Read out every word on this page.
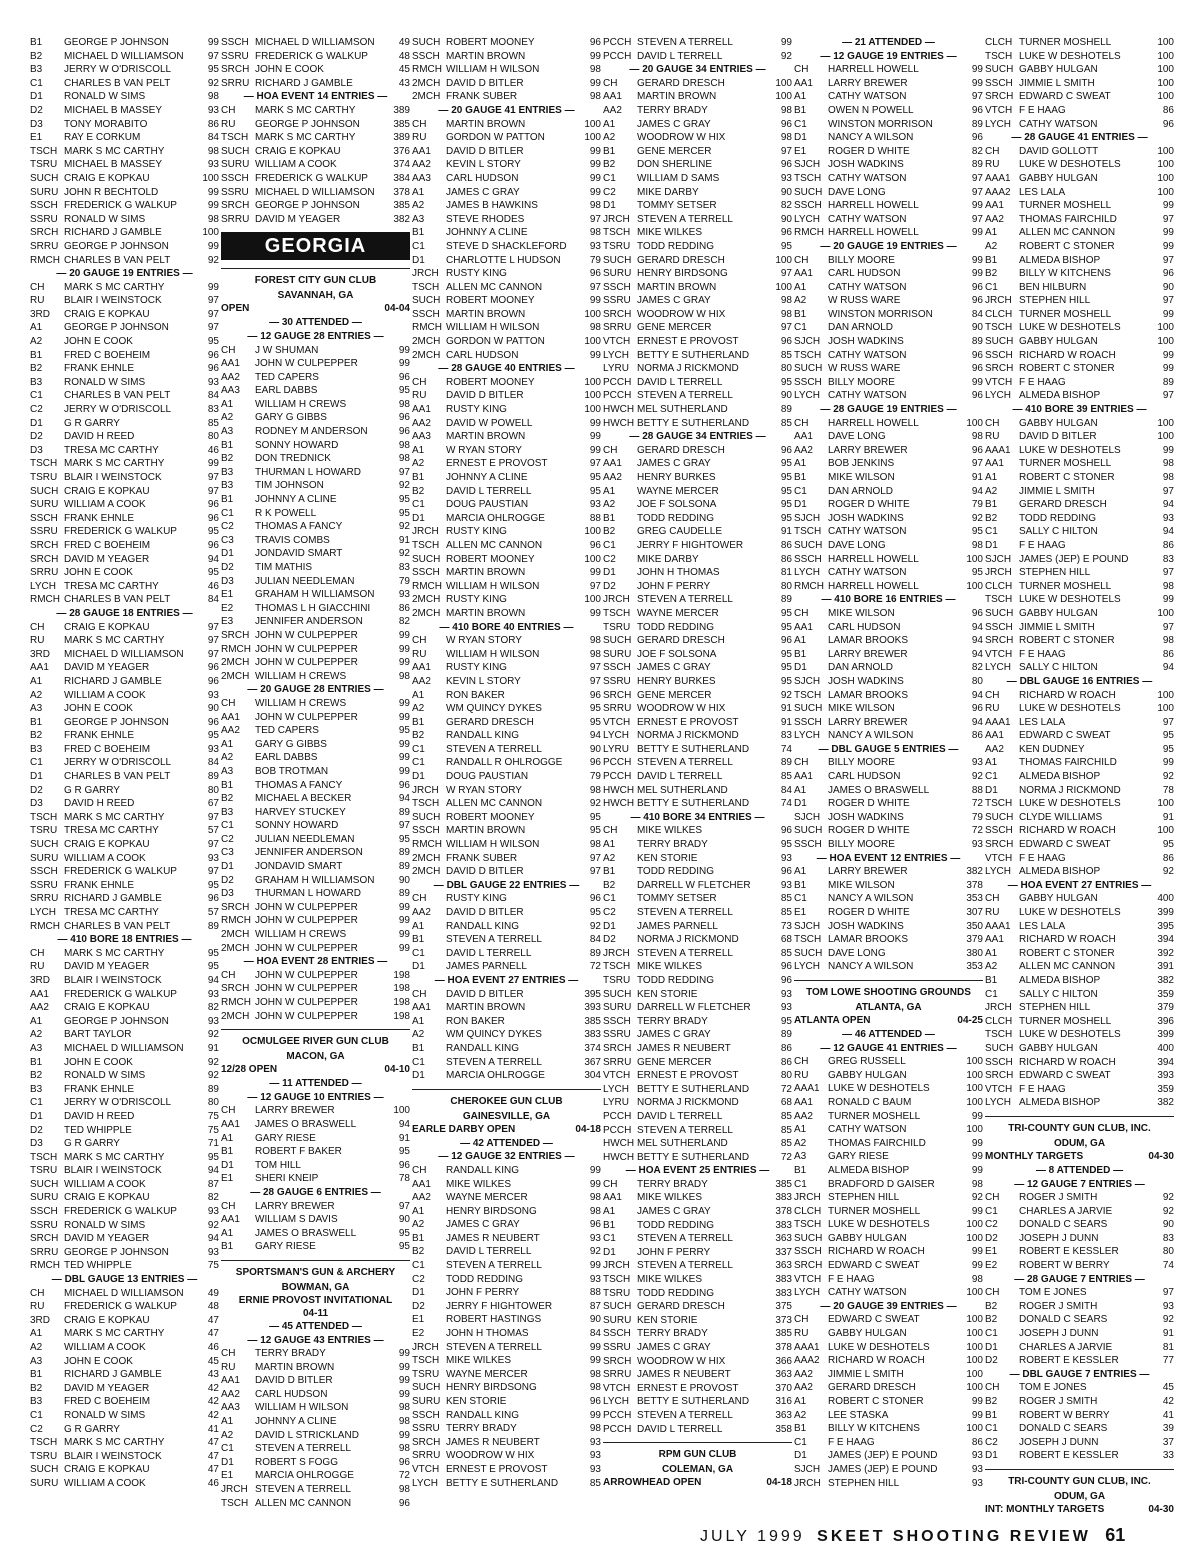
B1	GEORGE P JOHNSON	99
B2	MICHAEL D WILLIAMSON	97
B3	JERRY W O'DRISCOLL	95
C1	CHARLES B VAN PELT	92
D1	RONALD W SIMS	98
D2	MICHAEL B MASSEY	93
D3	TONY MORABITO	86
E1	RAY E CORKUM	84
TSCH MARK S MC CARTHY	98
TSRU MICHAEL B MASSEY	93
SUCH CRAIG E KOPKAU	100
SURU JOHN R BECHTOLD	99
SSCH FREDERICK G WALKUP	99
SSRU RONALD W SIMS	98
SRCH RICHARD J GAMBLE	100
SRRU GEORGE P JOHNSON	99
RMCH CHARLES B VAN PELT	92
— 20 GAUGE 19 ENTRIES —
CH	MARK S MC CARTHY	99
RU	BLAIR I WEINSTOCK	97
3RD	CRAIG E KOPKAU	97
A1	GEORGE P JOHNSON	97
A2	JOHN E COOK	95
B1	FRED C BOEHEIM	96
B2	FRANK EHNLE	96
B3	RONALD W SIMS	93
C1	CHARLES B VAN PELT	84
C2	JERRY W O'DRISCOLL	83
D1	G R GARRY	85
D2	DAVID H REED	80
D3	TRESA MC CARTHY	46
TSCH MARK S MC CARTHY	99
TSRU BLAIR I WEINSTOCK	97
SUCH CRAIG E KOPKAU	97
SURU WILLIAM A COOK	96
SSCH FRANK EHNLE	96
SSRU FREDERICK G WALKUP	95
SRCH FRED C BOEHEIM	96
SRCH DAVID M YEAGER	94
SRRU JOHN E COOK	95
LYCH TRESA MC CARTHY	46
RMCH CHARLES B VAN PELT	84
— 28 GAUGE 18 ENTRIES —
CH	CRAIG E KOPKAU	97
RU	MARK S MC CARTHY	97
3RD	MICHAEL D WILLIAMSON	97
AA1	DAVID M YEAGER	96
A1	RICHARD J GAMBLE	96
A2	WILLIAM A COOK	93
A3	JOHN E COOK	90
B1	GEORGE P JOHNSON	96
B2	FRANK EHNLE	95
B3	FRED C BOEHEIM	93
C1	JERRY W O'DRISCOLL	84
D1	CHARLES B VAN PELT	89
D2	G R GARRY	80
D3	DAVID H REED	67
TSCH MARK S MC CARTHY	97
TSRU TRESA MC CARTHY	57
SUCH CRAIG E KOPKAU	97
SURU WILLIAM A COOK	93
SSCH FREDERICK G WALKUP	97
SSRU FRANK EHNLE	95
SRRU RICHARD J GAMBLE	96
LYCH TRESA MC CARTHY	57
RMCH CHARLES B VAN PELT	89
— 410 BORE 18 ENTRIES —
CH	MARK S MC CARTHY	95
RU	DAVID M YEAGER	95
3RD	BLAIR I WEINSTOCK	94
AA1	FREDERICK G WALKUP	93
AA2	CRAIG E KOPKAU	82
A1	GEORGE P JOHNSON	93
A2	BART TAYLOR	92
A3	MICHAEL D WILLIAMSON	91
B1	JOHN E COOK	92
B2	RONALD W SIMS	92
B3	FRANK EHNLE	89
C1	JERRY W O'DRISCOLL	80
D1	DAVID H REED	75
D2	TED WHIPPLE	75
D3	G R GARRY	71
TSCH MARK S MC CARTHY	95
TSRU BLAIR I WEINSTOCK	94
SUCH WILLIAM A COOK	87
SURU CRAIG E KOPKAU	82
SSCH FREDERICK G WALKUP	93
SSRU RONALD W SIMS	92
SRCH DAVID M YEAGER	94
SRRU GEORGE P JOHNSON	93
RMCH TED WHIPPLE	75
— DBL GAUGE 13 ENTRIES —
CH	MICHAEL D WILLIAMSON	49
RU	FREDERICK G WALKUP	48
3RD	CRAIG E KOPKAU	47
A1	MARK S MC CARTHY	47
A2	WILLIAM A COOK	46
A3	JOHN E COOK	45
B1	RICHARD J GAMBLE	43
B2	DAVID M YEAGER	42
B3	FRED C BOEHEIM	42
C1	RONALD W SIMS	42
C2	G R GARRY	41
TSCH MARK S MC CARTHY	47
TSRU BLAIR I WEINSTOCK	47
SUCH CRAIG E KOPKAU	47
SURU WILLIAM A COOK	46
SSCH MICHAEL D WILLIAMSON	49
SSRU FREDERICK G WALKUP	48
SRCH JOHN E COOK	45
SRRU RICHARD J GAMBLE	43
— HOA EVENT 14 ENTRIES —
CH	MARK S MC CARTHY	389
RU	GEORGE P JOHNSON	385
TSCH MARK S MC CARTHY	389
SUCH CRAIG E KOPKAU	376
SURU WILLIAM A COOK	374
SSCH FREDERICK G WALKUP	384
SSRU MICHAEL D WILLIAMSON	378
SRCH GEORGE P JOHNSON	385
SRRU DAVID M YEAGER	382
GEORGIA
FOREST CITY GUN CLUB
SAVANNAH, GA
OPEN	04-04
— 30 ATTENDED —
— 12 GAUGE 28 ENTRIES —
CH	J W SHUMAN	99
AA1	JOHN W CULPEPPER	99
AA2	TED CAPERS	96
AA3	EARL DABBS	95
A1	WILLIAM H CREWS	98
A2	GARY G GIBBS	96
A3	RODNEY M ANDERSON	96
B1	SONNY HOWARD	98
B2	DON TREDNICK	98
B3	THURMAN L HOWARD	97
B3	TIM JOHNSON	92
B1	JOHNNY A CLINE	95
C1	R K POWELL	95
C2	THOMAS A FANCY	92
C3	TRAVIS COMBS	91
D1	JONDAVID SMART	92
D2	TIM MATHIS	83
D3	JULIAN NEEDLEMAN	79
E1	GRAHAM H WILLIAMSON	93
E2	THOMAS L H GIACCHINI	86
E3	JENNIFER ANDERSON	82
SRCH JOHN W CULPEPPER	99
RMCH JOHN W CULPEPPER	99
2MCH JOHN W CULPEPPER	99
2MCH WILLIAM H CREWS	98
— 20 GAUGE 28 ENTRIES —
CH	WILLIAM H CREWS	99
AA1	JOHN W CULPEPPER	99
AA2	TED CAPERS	95
A1	GARY G GIBBS	99
A2	EARL DABBS	99
A3	BOB TROTMAN	99
B1	THOMAS A FANCY	96
B2	MICHAEL A BECKER	94
B3	HARVEY STUCKEY	89
C1	SONNY HOWARD	97
C2	JULIAN NEEDLEMAN	95
C3	JENNIFER ANDERSON	89
D1	JONDAVID SMART	89
D2	GRAHAM H WILLIAMSON	90
D3	THURMAN L HOWARD	89
SRCH JOHN W CULPEPPER	99
RMCH JOHN W CULPEPPER	99
2MCH WILLIAM H CREWS	99
2MCH JOHN W CULPEPPER	99
— HOA EVENT 28 ENTRIES —
CH	JOHN W CULPEPPER	198
SRCH JOHN W CULPEPPER	198
RMCH JOHN W CULPEPPER	198
2MCH JOHN W CULPEPPER	198
OCMULGEE RIVER GUN CLUB
MACON, GA
12/28 OPEN	04-10
— 11 ATTENDED —
— 12 GAUGE 10 ENTRIES —
CH	LARRY BREWER	100
AA1	JAMES O BRASWELL	94
A1	GARY RIESE	91
B1	ROBERT F BAKER	95
D1	TOM HILL	96
E1	SHERI KNEIP	78
— 28 GAUGE 6 ENTRIES —
CH	LARRY BREWER	97
AA1	WILLIAM S DAVIS	90
A1	JAMES O BRASWELL	95
B1	GARY RIESE	95
SPORTSMAN'S GUN & ARCHERY
BOWMAN, GA
ERNIE PROVOST INVITATIONAL
04-11
— 45 ATTENDED —
— 12 GAUGE 43 ENTRIES —
CH	TERRY BRADY	99
RU	MARTIN BROWN	99
AA1	DAVID D BITLER	99
AA2	CARL HUDSON	99
AA3	WILLIAM H WILSON	98
A1	JOHNNY A CLINE	98
A2	DAVID L STRICKLAND	99
C1	STEVEN A TERRELL	98
D1	ROBERT S FOGG	96
E1	MARCIA OHLROGGE	72
JRCH STEVEN A TERRELL	98
TSCH ALLEN MC CANNON	96
SUCH ROBERT MOONEY	96
SSCH MARTIN BROWN	99
RMCH WILLIAM H WILSON	98
2MCH DAVID D BITLER	99
2MCH FRANK SUBER	98
— 20 GAUGE 41 ENTRIES —
CH	MARTIN BROWN	100
RU	GORDON W PATTON	100
AA1	DAVID D BITLER	99
AA2	KEVIN L STORY	99
AA3	CARL HUDSON	99
A1	JAMES C GRAY	99
A2	JAMES B HAWKINS	98
A3	STEVE RHODES	97
B1	JOHNNY A CLINE	98
C1	STEVE D SHACKLEFORD	93
D1	CHARLOTTE L HUDSON	79
JRCH RUSTY KING	96
TSCH ALLEN MC CANNON	97
SUCH ROBERT MOONEY	99
SSCH MARTIN BROWN	100
RMCH WILLIAM H WILSON	98
2MCH GORDON W PATTON	100
2MCH CARL HUDSON	99
— 28 GAUGE 40 ENTRIES —
CH	ROBERT MOONEY	100
RU	DAVID D BITLER	100
AA1	RUSTY KING	100
AA2	DAVID W POWELL	99
AA3	MARTIN BROWN	99
A1	W RYAN STORY	99
A2	ERNEST E PROVOST	97
B1	JOHNNY A CLINE	95
B2	DAVID L TERRELL	95
C1	DOUG PAUSTIAN	93
D1	MARCIA OHLROGGE	88
JRCH RUSTY KING	100
TSCH ALLEN MC CANNON	96
SUCH ROBERT MOONEY	100
SSCH MARTIN BROWN	99
RMCH WILLIAM H WILSON	97
2MCH RUSTY KING	100
2MCH MARTIN BROWN	99
— 410 BORE 40 ENTRIES —
CH	W RYAN STORY	98
RU	WILLIAM H WILSON	98
AA1	RUSTY KING	97
AA2	KEVIN L STORY	97
A1	RON BAKER	96
A2	WM QUINCY DYKES	95
B1	GERARD DRESCH	95
B2	RANDALL KING	94
C1	STEVEN A TERRELL	90
C1	RANDALL R OHLROGGE	96
D1	DOUG PAUSTIAN	79
JRCH W RYAN STORY	98
TSCH ALLEN MC CANNON	92
SUCH ROBERT MOONEY	95
SSCH MARTIN BROWN	95
RMCH WILLIAM H WILSON	98
2MCH FRANK SUBER	97
2MCH DAVID D BITLER	97
— DBL GAUGE 22 ENTRIES —
CH	RUSTY KING	96
AA2	DAVID D BITLER	95
A1	RANDALL KING	92
B1	STEVEN A TERRELL	84
C1	DAVID L TERRELL	89
D1	JAMES PARNELL	72
— HOA EVENT 27 ENTRIES —
CH	DAVID D BITLER	395
AA1	MARTIN BROWN	393
A1	RON BAKER	385
A2	WM QUINCY DYKES	383
B1	RANDALL KING	374
C1	STEVEN A TERRELL	367
D1	MARCIA OHLROGGE	304
CHEROKEE GUN CLUB
GAINESVILLE, GA
EARLE DARBY OPEN	04-18
— 42 ATTENDED —
— 12 GAUGE 32 ENTRIES —
CH	RANDALL KING	99
AA1	MIKE WILKES	99
AA2	WAYNE MERCER	98
A1	HENRY BIRDSONG	98
A2	JAMES C GRAY	96
B1	JAMES R NEUBERT	93
B2	DAVID L TERRELL	92
C1	STEVEN A TERRELL	99
C2	TODD REDDING	93
D1	JOHN F PERRY	88
D2	JERRY F HIGHTOWER	87
E1	ROBERT HASTINGS	90
E2	JOHN H THOMAS	84
JRCH STEVEN A TERRELL	99
TSCH MIKE WILKES	99
TSRU WAYNE MERCER	98
SUCH HENRY BIRDSONG	98
SURU KEN STORIE	96
SSCH RANDALL KING	99
SSRU TERRY BRADY	98
SRCH JAMES R NEUBERT	93
SRRU WOODROW W HIX	93
VTCH ERNEST E PROVOST	93
LYCH BETTY E SUTHERLAND	85
PCCH STEVEN A TERRELL	99
PCCH DAVID L TERRELL	92
— 20 GAUGE 34 ENTRIES —
CH	GERARD DRESCH	100
AA1	MARTIN BROWN	100
AA2	TERRY BRADY	98
A1	JAMES C GRAY	96
A2	WOODROW W HIX	98
B1	GENE MERCER	97
B2	DON SHERLINE	96
C1	WILLIAM D SAMS	93
C2	MIKE DARBY	90
D1	TOMMY SETSER	82
JRCH STEVEN A TERRELL	90
TSCH MIKE WILKES	96
TSRU TODD REDDING	95
SUCH GERARD DRESCH	100
SURU HENRY BIRDSONG	97
SSCH MARTIN BROWN	100
SSRU JAMES C GRAY	98
SRCH WOODROW W HIX	98
SRRU GENE MERCER	97
VTCH ERNEST E PROVOST	96
LYCH BETTY E SUTHERLAND	85
LYRU NORMA J RICKMOND	80
PCCH DAVID L TERRELL	95
PCCH STEVEN A TERRELL	90
HWCH MEL SUTHERLAND	89
HWCH BETTY E SUTHERLAND	85
— 28 GAUGE 34 ENTRIES —
CH	GERARD DRESCH	96
AA1	JAMES C GRAY	95
AA2	HENRY BURKES	95
A1	WAYNE MERCER	95
A2	JOE F SOLSONA	95
B1	TODD REDDING	95
B2	GREG CAUDELLE	91
C1	JERRY F HIGHTOWER	86
C2	MIKE DARBY	86
D1	JOHN H THOMAS	81
D2	JOHN F PERRY	80
JRCH STEVEN A TERRELL	89
TSCH WAYNE MERCER	95
TSRU TODD REDDING	95
SUCH GERARD DRESCH	96
SURU JOE F SOLSONA	95
SSCH JAMES C GRAY	95
SSRU HENRY BURKES	95
SRCH GENE MERCER	92
SRRU WOODROW W HIX	91
VTCH ERNEST E PROVOST	91
LYCH NORMA J RICKMOND	83
LYRU BETTY E SUTHERLAND	74
PCCH STEVEN A TERRELL	89
PCCH DAVID L TERRELL	85
HWCH MEL SUTHERLAND	84
HWCH BETTY E SUTHERLAND	74
— 410 BORE 34 ENTRIES —
CH	MIKE WILKES	96
A1	TERRY BRADY	95
A2	KEN STORIE	93
B1	TODD REDDING	96
B2	DARRELL W FLETCHER	93
C1	TOMMY SETSER	85
C2	STEVEN A TERRELL	85
D1	JAMES PARNELL	73
D2	NORMA J RICKMOND	68
JRCH STEVEN A TERRELL	85
TSCH MIKE WILKES	96
TSRU TODD REDDING	96
SUCH KEN STORIE	93
SURU DARRELL W FLETCHER	93
SSCH TERRY BRADY	95
SSRU JAMES C GRAY	89
SRCH JAMES R NEUBERT	86
SRRU GENE MERCER	86
VTCH ERNEST E PROVOST	80
LYCH BETTY E SUTHERLAND	72
LYRU NORMA J RICKMOND	68
PCCH DAVID L TERRELL	85
PCCH STEVEN A TERRELL	85
HWCH MEL SUTHERLAND	85
HWCH BETTY E SUTHERLAND	72
— HOA EVENT 25 ENTRIES —
CH	TERRY BRADY	385
AA1	MIKE WILKES	383
A1	JAMES C GRAY	378
B1	TODD REDDING	383
C1	STEVEN A TERRELL	363
D1	JOHN F PERRY	337
JRCH STEVEN A TERRELL	363
TSCH MIKE WILKES	383
TSRU TODD REDDING	383
SUCH GERARD DRESCH	375
SURU KEN STORIE	373
SSCH TERRY BRADY	385
SSRU JAMES C GRAY	378
SRCH WOODROW W HIX	366
SRRU JAMES R NEUBERT	363
VTCH ERNEST E PROVOST	370
LYCH BETTY E SUTHERLAND	316
PCCH STEVEN A TERRELL	363
PCCH DAVID L TERRELL	358
RPM GUN CLUB
COLEMAN, GA
ARROWHEAD OPEN	04-18
— 21 ATTENDED —
— 12 GAUGE 19 ENTRIES —
CH	HARRELL HOWELL	99
AA1	LARRY BREWER	99
A1	CATHY WATSON	97
B1	OWEN N POWELL	96
C1	WINSTON MORRISON	89
D1	NANCY A WILSON	96
E1	ROGER D WHITE	82
SJCH JOSH WADKINS	89
TSCH CATHY WATSON	97
SUCH DAVE LONG	97
SSCH HARRELL HOWELL	99
LYCH CATHY WATSON	97
RMCH HARRELL HOWELL	99
— 20 GAUGE 19 ENTRIES —
CH	BILLY MOORE	99
AA1	CARL HUDSON	99
A1	CATHY WATSON	96
A2	W RUSS WARE	96
B1	WINSTON MORRISON	84
C1	DAN ARNOLD	90
SJCH JOSH WADKINS	89
TSCH CATHY WATSON	96
SUCH W RUSS WARE	96
SSCH BILLY MOORE	99
LYCH CATHY WATSON	96
— 28 GAUGE 19 ENTRIES —
CH	HARRELL HOWELL	100
AA1	DAVE LONG	98
AA2	LARRY BREWER	96
A1	BOB JENKINS	97
B1	MIKE WILSON	91
C1	DAN ARNOLD	94
D1	ROGER D WHITE	79
SJCH JOSH WADKINS	92
TSCH CATHY WATSON	95
SUCH DAVE LONG	98
SSCH HARRELL HOWELL	100
LYCH CATHY WATSON	95
RMCH HARRELL HOWELL	100
— 410 BORE 16 ENTRIES —
CH	MIKE WILSON	96
AA1	CARL HUDSON	94
A1	LAMAR BROOKS	94
B1	LARRY BREWER	94
D1	DAN ARNOLD	82
SJCH JOSH WADKINS	80
TSCH LAMAR BROOKS	94
SUCH MIKE WILSON	96
SSCH LARRY BREWER	94
LYCH NANCY A WILSON	86
— DBL GAUGE 5 ENTRIES —
CH	BILLY MOORE	93
AA1	CARL HUDSON	92
A1	JAMES O BRASWELL	88
D1	ROGER D WHITE	72
SJCH JOSH WADKINS	79
SUCH ROGER D WHITE	72
SSCH BILLY MOORE	93
— HOA EVENT 12 ENTRIES —
A1	LARRY BREWER	382
B1	MIKE WILSON	378
C1	NANCY A WILSON	353
E1	ROGER D WHITE	307
SJCH JOSH WADKINS	350
TSCH LAMAR BROOKS	379
SUCH DAVE LONG	380
LYCH NANCY A WILSON	353
TOM LOWE SHOOTING GROUNDS
ATLANTA, GA
ATLANTA OPEN	04-25
— 46 ATTENDED —
— 12 GAUGE 41 ENTRIES —
CH	GREG RUSSELL	100
RU	GABBY HULGAN	100
AAA1 LUKE W DESHOTELS	100
AA1	RONALD C BAUM	100
AA2	TURNER MOSHELL	99
A1	CATHY WATSON	100
A2	THOMAS FAIRCHILD	99
A3	GARY RIESE	99
B1	ALMEDA BISHOP	99
C1	BRADFORD D GAISER	98
JRCH STEPHEN HILL	92
CLCH TURNER MOSHELL	99
TSCH LUKE W DESHOTELS	100
SUCH GABBY HULGAN	100
SSCH RICHARD W ROACH	99
SRCH EDWARD C SWEAT	99
VTCH F E HAAG	98
LYCH CATHY WATSON	100
— 20 GAUGE 39 ENTRIES —
CH	EDWARD C SWEAT	100
RU	GABBY HULGAN	100
AAA1 LUKE W DESHOTELS	100
AAA2 RICHARD W ROACH	100
AA2	JIMMIE L SMITH	100
AA2	GERARD DRESCH	100
A1	ROBERT C STONER	99
A2	LEE STASKA	99
B1	BILLY W KITCHENS	100
C1	F E HAAG	86
D1	JAMES (JEP) E POUND	93
SJCH JAMES (JEP) E POUND	93
JRCH STEPHEN HILL	93
CLCH TURNER MOSHELL	100
TSCH LUKE W DESHOTELS	100
SUCH GABBY HULGAN	100
SSCH JIMMIE L SMITH	100
SRCH EDWARD C SWEAT	100
VTCH F E HAAG	86
LYCH CATHY WATSON	96
— 28 GAUGE 41 ENTRIES —
CH	DAVID GOLLOTT	100
RU	LUKE W DESHOTELS	100
AAA1 GABBY HULGAN	100
AAA2 LES LALA	100
AA1	TURNER MOSHELL	99
AA2	THOMAS FAIRCHILD	97
A1	ALLEN MC CANNON	99
A2	ROBERT C STONER	99
B1	ALMEDA BISHOP	97
B2	BILLY W KITCHENS	96
C1	BEN HILBURN	90
JRCH STEPHEN HILL	97
CLCH TURNER MOSHELL	99
TSCH LUKE W DESHOTELS	100
SUCH GABBY HULGAN	100
SSCH RICHARD W ROACH	99
SRCH ROBERT C STONER	99
VTCH F E HAAG	89
LYCH ALMEDA BISHOP	97
— 410 BORE 39 ENTRIES —
CH	GABBY HULGAN	100
RU	DAVID D BITLER	100
AAA1 LUKE W DESHOTELS	99
AA1	TURNER MOSHELL	98
A1	ROBERT C STONER	98
A2	JIMMIE L SMITH	97
B1	GERARD DRESCH	94
B2	TODD REDDING	93
C1	SALLY C HILTON	94
D1	F E HAAG	86
SJCH JAMES (JEP) E POUND	83
JRCH STEPHEN HILL	97
CLCH TURNER MOSHELL	98
TSCH LUKE W DESHOTELS	99
SUCH GABBY HULGAN	100
SSCH JIMMIE L SMITH	97
SRCH ROBERT C STONER	98
VTCH F E HAAG	86
LYCH SALLY C HILTON	94
— DBL GAUGE 16 ENTRIES —
CH	RICHARD W ROACH	100
RU	LUKE W DESHOTELS	100
AAA1 LES LALA	97
AA1	EDWARD C SWEAT	95
AA2	KEN DUDNEY	95
A1	THOMAS FAIRCHILD	99
C1	ALMEDA BISHOP	92
D1	NORMA J RICKMOND	78
TSCH LUKE W DESHOTELS	100
SUCH CLYDE WILLIAMS	91
SSCH RICHARD W ROACH	100
SRCH EDWARD C SWEAT	95
VTCH F E HAAG	86
LYCH ALMEDA BISHOP	92
— HOA EVENT 27 ENTRIES —
CH	GABBY HULGAN	400
RU	LUKE W DESHOTELS	399
AAA1 LES LALA	395
AA1	RICHARD W ROACH	394
A1	ROBERT C STONER	392
A2	ALLEN MC CANNON	391
B1	ALMEDA BISHOP	382
C1	SALLY C HILTON	359
JRCH STEPHEN HILL	379
CLCH TURNER MOSHELL	396
TSCH LUKE W DESHOTELS	399
SUCH GABBY HULGAN	400
SSCH RICHARD W ROACH	394
SRCH EDWARD C SWEAT	393
VTCH F E HAAG	359
LYCH ALMEDA BISHOP	382
TRI-COUNTY GUN CLUB, INC.
ODUM, GA
MONTHLY TARGETS	04-30
— 8 ATTENDED —
— 12 GAUGE 7 ENTRIES —
CH	ROGER J SMITH	92
C1	CHARLES A JARVIE	92
C2	DONALD C SEARS	90
D2	JOSEPH J DUNN	83
E1	ROBERT E KESSLER	80
E2	ROBERT W BERRY	74
— 28 GAUGE 7 ENTRIES —
CH	TOM E JONES	97
B2	ROGER J SMITH	93
B2	DONALD C SEARS	92
C1	JOSEPH J DUNN	91
D1	CHARLES A JARVIE	81
D2	ROBERT E KESSLER	77
— DBL GAUGE 7 ENTRIES —
CH	TOM E JONES	45
B2	ROGER J SMITH	42
B1	ROBERT W BERRY	41
C1	DONALD C SEARS	39
C2	JOSEPH J DUNN	37
D1	ROBERT E KESSLER	33
TRI-COUNTY GUN CLUB, INC.
ODUM, GA
INT: MONTHLY TARGETS	04-30
JULY 1999 SKEET SHOOTING REVIEW 61
